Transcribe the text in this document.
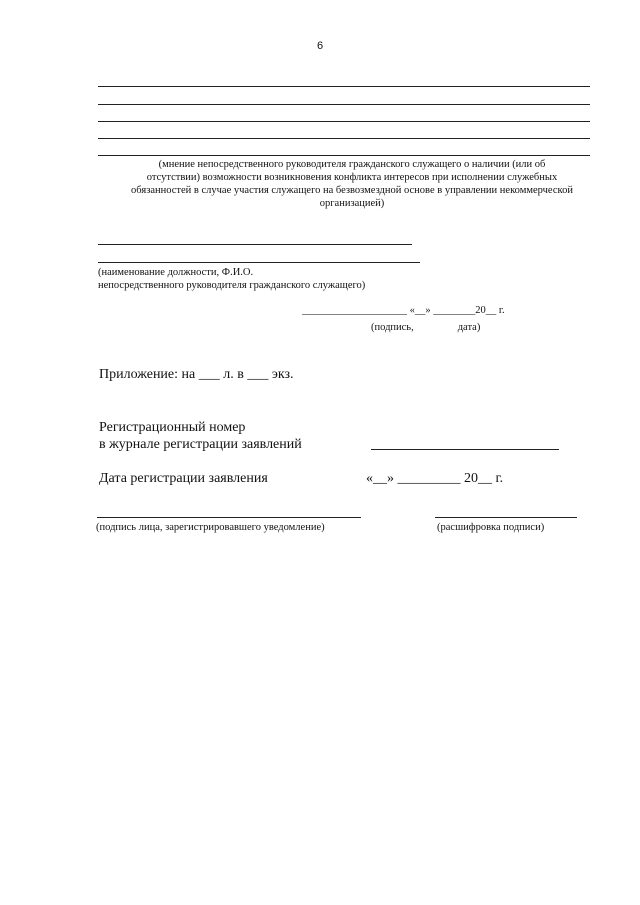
6
(мнение непосредственного руководителя гражданского служащего о наличии (или об
отсутствии) возможности возникновения конфликта интересов при исполнении служебных
обязанностей в случае участия служащего на безвозмездной основе в управлении некоммерческой
организацией)
(наименование должности, Ф.И.О.
непосредственного руководителя гражданского служащего)
____________________ «__» ________20__ г.
(подпись,	дата)
Приложение: на ___ л. в ___ экз.
Регистрационный номер
в журнале регистрации заявлений
Дата регистрации заявления	«__» _________ 20__ г.
(подпись лица, зарегистрировавшего уведомление)	(расшифровка подписи)
